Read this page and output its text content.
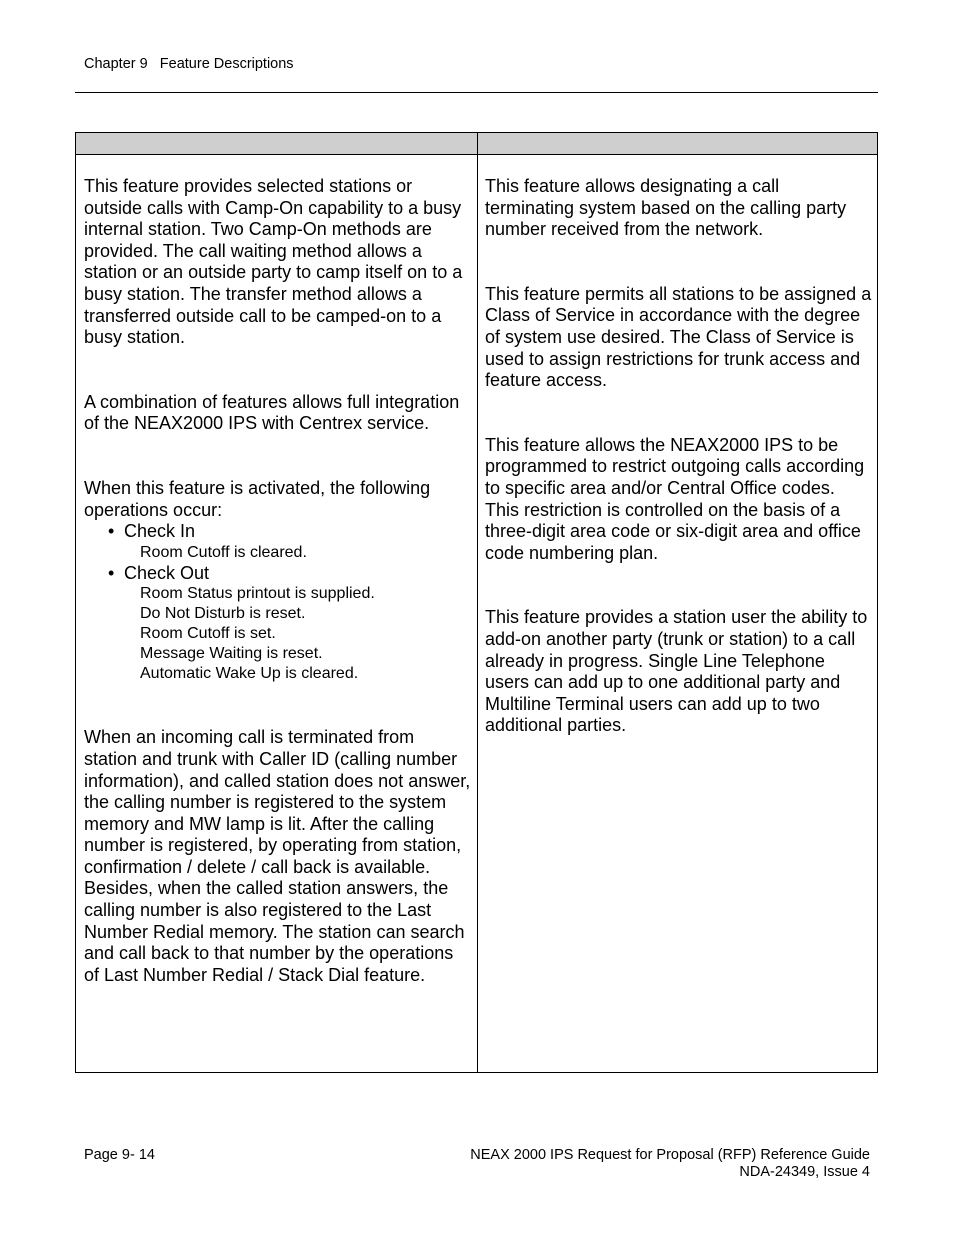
Chapter 9 Feature Descriptions

This feature provides selected stations or outside calls with Camp-On capability to a busy internal station. Two Camp-On methods are provided. The call waiting method allows a station or an outside party to camp itself on to a busy station. The transfer method allows a transferred outside call to be camped-on to a busy station.

A combination of features allows full integration of the NEAX2000 IPS with Centrex service.

When this feature is activated, the following operations occur:

• Check In
Room Cutoff is cleared.
• Check Out
Room Status printout is supplied.
Do Not Disturb is reset.
Room Cutoff is set.
Message Waiting is reset.
Automatic Wake Up is cleared.

When an incoming call is terminated from station and trunk with Caller ID (calling number information), and called station does not answer, the calling number is registered to the system memory and MW lamp is lit. After the calling number is registered, by operating from station, confirmation / delete / call back is available. Besides, when the called station answers, the calling number is also registered to the Last Number Redial memory. The station can search and call back to that number by the operations of Last Number Redial / Stack Dial feature.

This feature allows designating a call terminating system based on the calling party number received from the network.

This feature permits all stations to be assigned a Class of Service in accordance with the degree of system use desired. The Class of Service is used to assign restrictions for trunk access and feature access.

This feature allows the NEAX2000 IPS to be programmed to restrict outgoing calls according to specific area and/or Central Office codes. This restriction is controlled on the basis of a three-digit area code or six-digit area and office code numbering plan.

This feature provides a station user the ability to add-on another party (trunk or station) to a call already in progress. Single Line Telephone users can add up to one additional party and Multiline Terminal users can add up to two additional parties.

Page 9- 14	NEAX 2000 IPS Request for Proposal (RFP) Reference Guide
NDA-24349, Issue 4
